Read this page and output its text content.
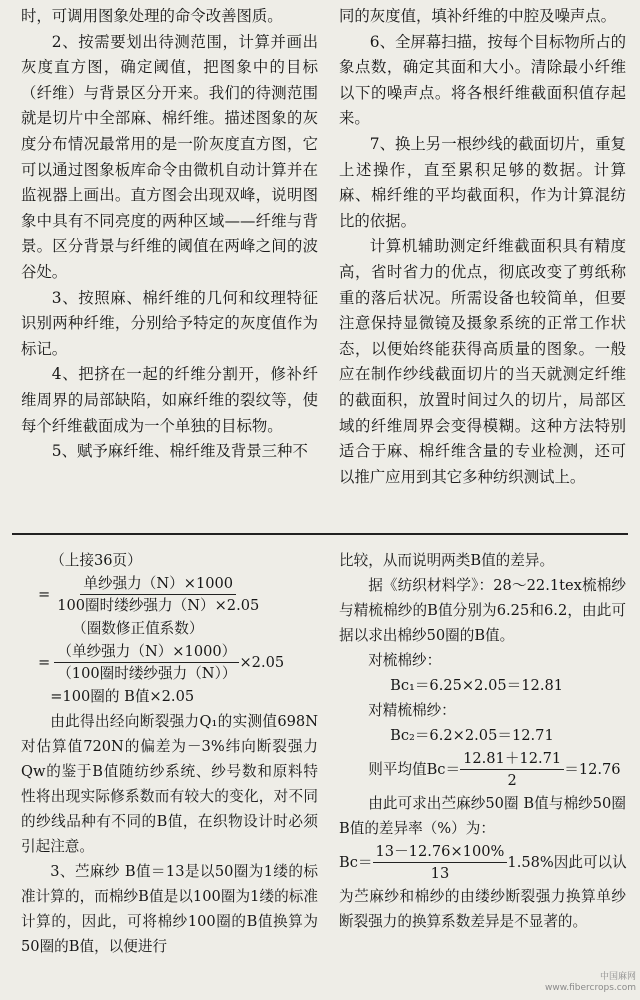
时，可调用图象处理的命令改善图质。

2、按需要划出待测范围，计算并画出灰度直方图，确定阈值，把图象中的目标（纤维）与背景区分开来。我们的待测范围就是切片中全部麻、棉纤维。描述图象的灰度分布情况最常用的是一阶灰度直方图，它可以通过图象板库命令由微机自动计算并在监视器上画出。直方图会出现双峰，说明图象中具有不同亮度的两种区域——纤维与背景。区分背景与纤维的阈值在两峰之间的波谷处。

3、按照麻、棉纤维的几何和纹理特征识别两种纤维，分别给予特定的灰度值作为标记。

4、把挤在一起的纤维分割开，修补纤维周界的局部缺陷，如麻纤维的裂纹等，使每个纤维截面成为一个单独的目标物。

5、赋予麻纤维、棉纤维及背景三种不

同的灰度值，填补纤维的中腔及噪声点。

6、全屏幕扫描，按每个目标物所占的象点数，确定其面和大小。清除最小纤维以下的噪声点。将各根纤维截面积值存起来。

7、换上另一根纱线的截面切片，重复上述操作，直至累积足够的数据。计算麻、棉纤维的平均截面积，作为计算混纺比的依据。

计算机辅助测定纤维截面积具有精度高，省时省力的优点，彻底改变了剪纸称重的落后状况。所需设备也较简单，但要注意保持显微镜及摄象系统的正常工作状态，以便始终能获得高质量的图象。一般应在制作纱线截面切片的当天就测定纤维的截面积，放置时间过久的切片，局部区域的纤维周界会变得模糊。这种方法特别适合于麻、棉纤维含量的专业检测，还可以推广应用到其它多种纺织测试上。

（上接36页）
= $\frac{\text{单纱强力（N）×1000}}{\text{100圈时缕纱强力（N）×2.05}}$
（圈数修正值系数）
= $\frac{\text{（单纱强力（N）×1000）}}{\text{（100圈时缕纱强力（N））}} \times 2.05$
=100圈的 B值×2.05

由此得出经向断裂强力Q₁的实测值698N对估算值720N的偏差为－3%纬向断裂强力Qw的鉴于B值随纺纱系统、纱号数和原料特性将出现实际修系数而有较大的变化，对不同的纱线品种有不同的B值，在织物设计时必须引起注意。

3、苎麻纱 B值＝13是以50圈为1缕的标准计算的，而棉纱B值是以100圈为1缕的标准计算的，因此，可将棉纱100圈的B值换算为50圈的B值，以便进行

比较，从而说明两类B值的差异。

据《纺织材料学》：28～22.1tex梳棉纱与精梳棉纱的B值分别为6.25和6.2，由此可据以求出棉纱50圈的B值。

对梳棉纱：
Bc₁＝6.25×2.05＝12.81
对精梳棉纱：
Bc₂＝6.2×2.05＝12.71
则平均值$Bc= \frac{12.81+12.71}{2} =12.76$

由此可求出苎麻纱50圈 B值与棉纱50圈 B值的差异率（%）为：

$Bc= \frac{13-12.76\times 100\%}{13} 1.58\%$因此可以认

为苎麻纱和棉纱的由缕纱断裂强力换算单纱断裂强力的换算系数差异是不显著的。

中国麻网
www.fibercrops.com
